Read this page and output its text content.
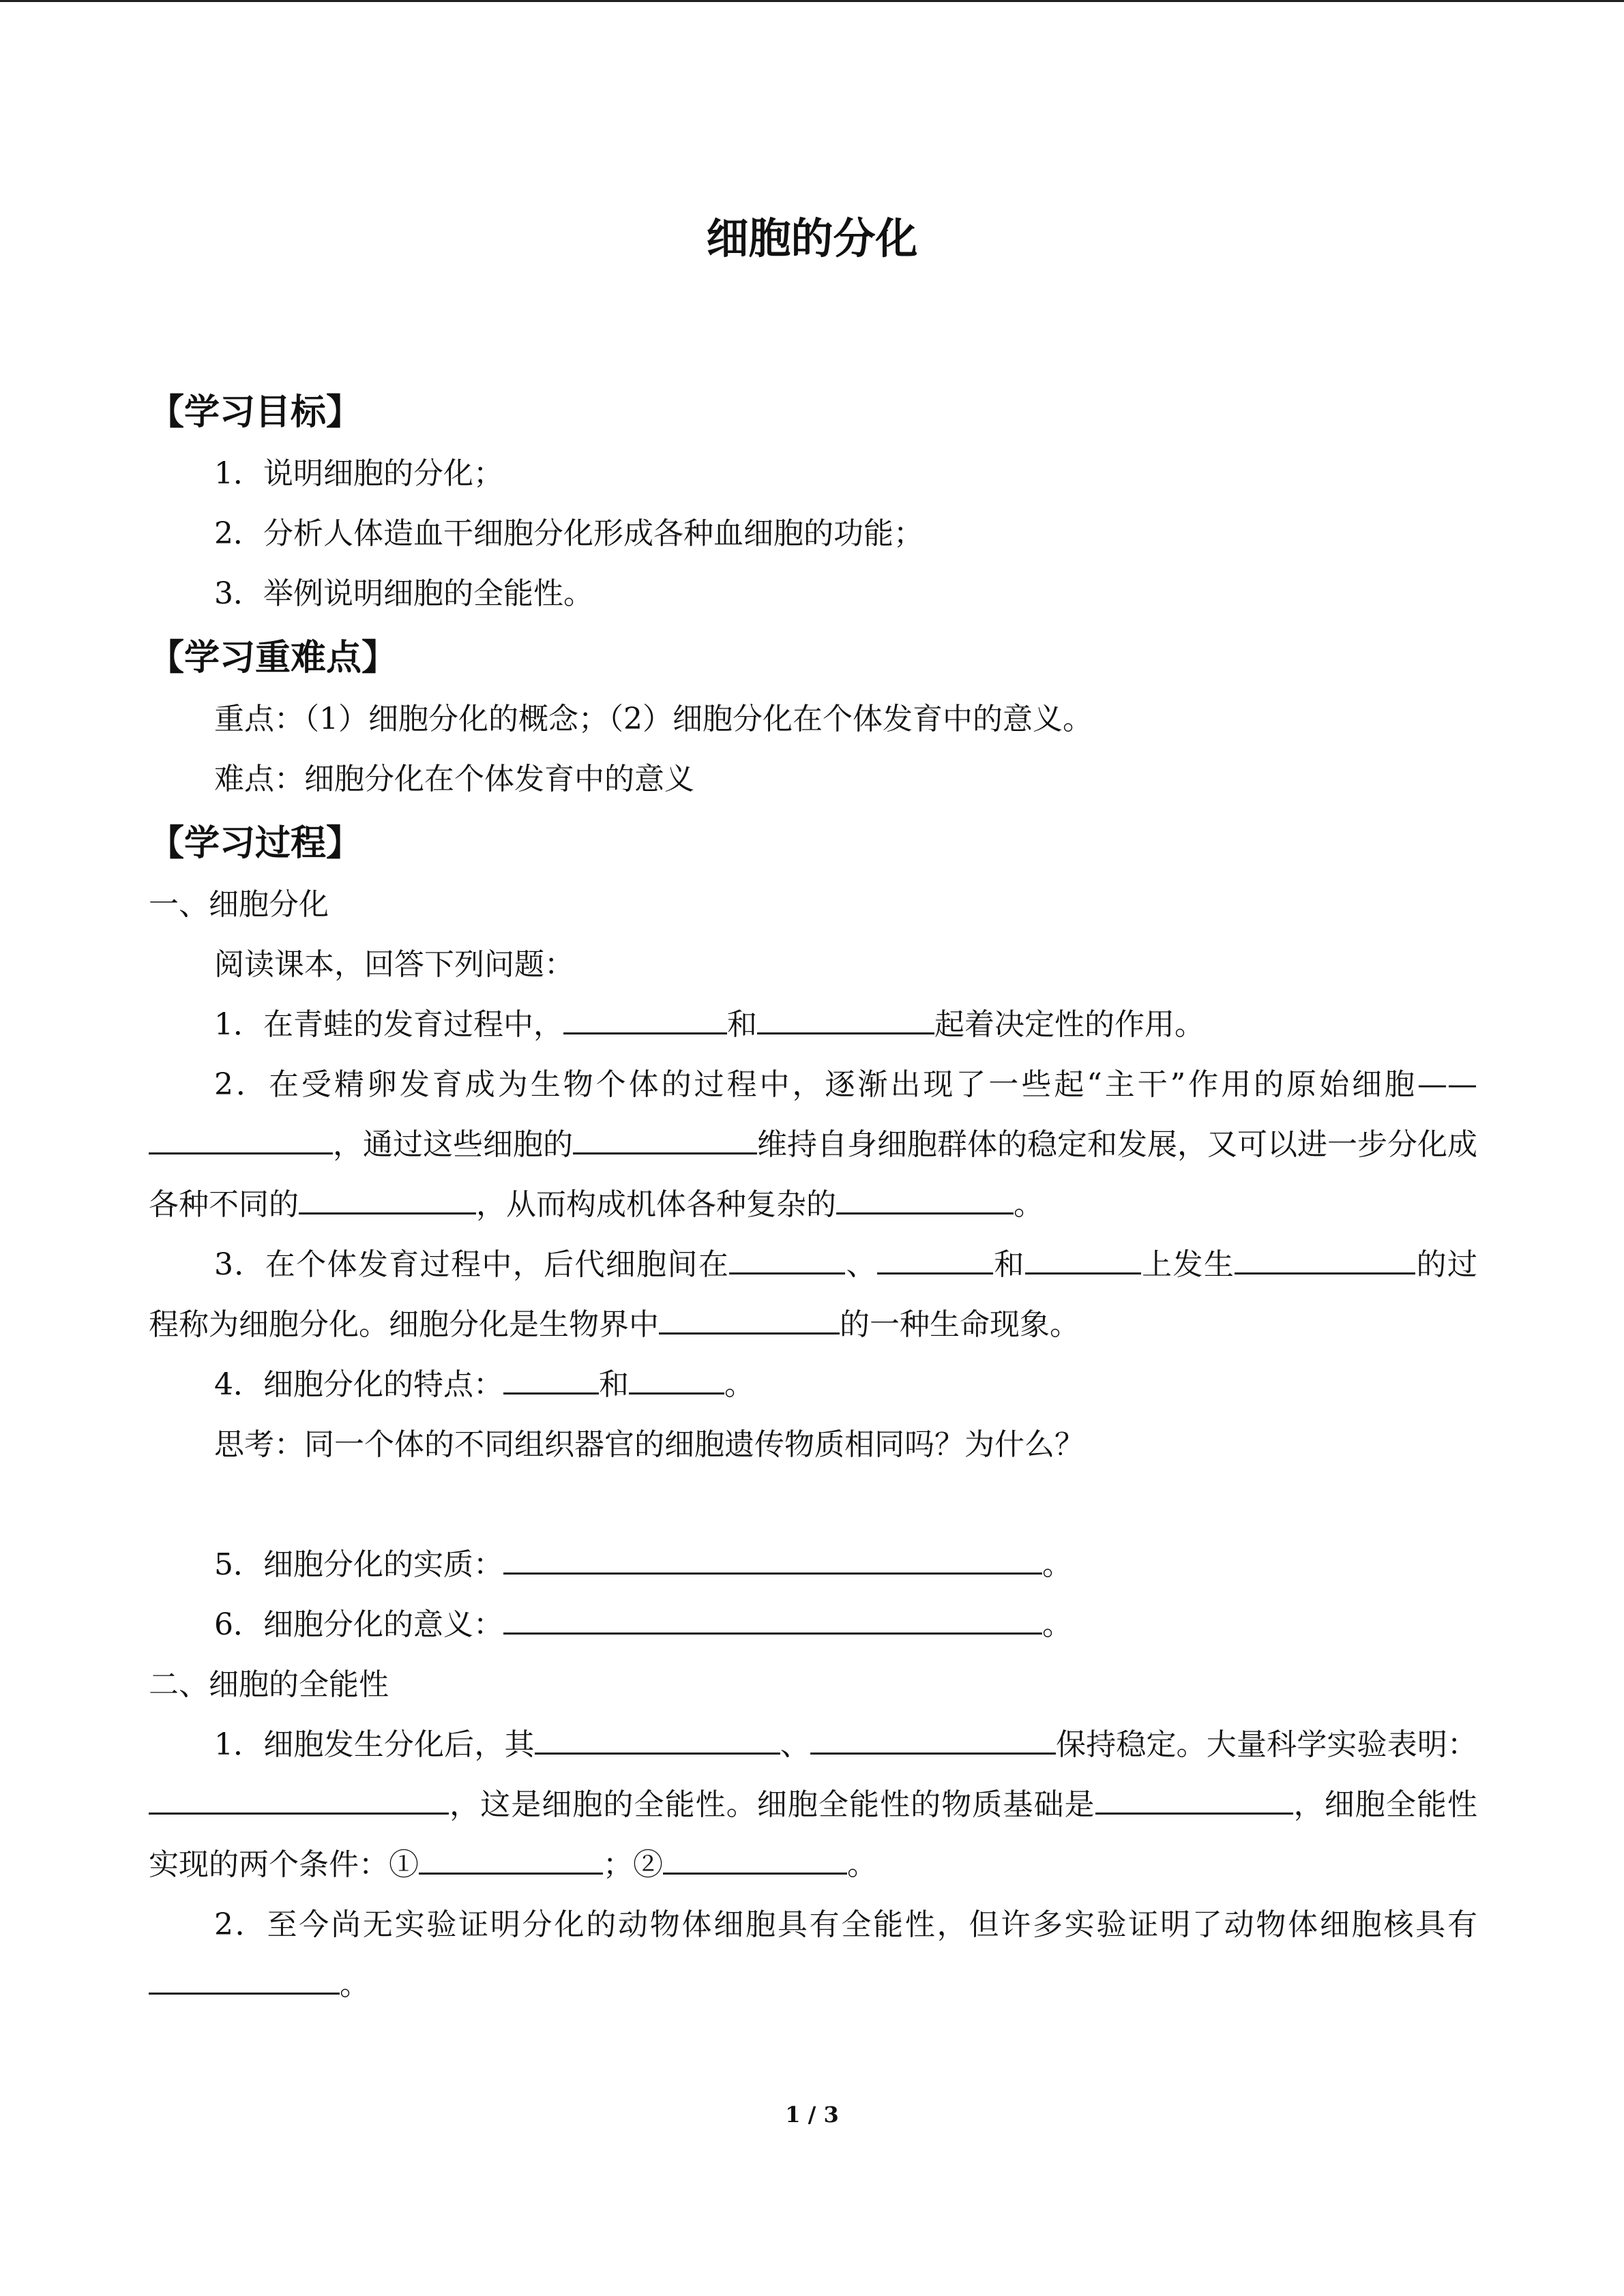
细胞的分化
【学习目标】
1．说明细胞的分化；
2．分析人体造血干细胞分化形成各种血细胞的功能；
3．举例说明细胞的全能性。
【学习重难点】
重点：（1）细胞分化的概念；（2）细胞分化在个体发育中的意义。
难点：细胞分化在个体发育中的意义
【学习过程】
一、细胞分化
阅读课本，回答下列问题：
1．在青蛙的发育过程中，	和	起着决定性的作用。
2．在受精卵发育成为生物个体的过程中，逐渐出现了一些起“主干”作用的原始细胞——，通过这些细胞的	维持自身细胞群体的稳定和发展，又可以进一步分化成各种不同的	，从而构成机体各种复杂的	。
3．在个体发育过程中，后代细胞间在	、	和	上发生	的过程称为细胞分化。细胞分化是生物界中	的一种生命现象。
4．细胞分化的特点：	和	。
思考：同一个体的不同组织器官的细胞遗传物质相同吗？为什么？
5．细胞分化的实质：	。
6．细胞分化的意义：	。
二、细胞的全能性
1．细胞发生分化后，其	、	保持稳定。大量科学实验表明：，这是细胞的全能性。细胞全能性的物质基础是	，细胞全能性实现的两个条件：①	；②	。
2．至今尚无实验证明分化的动物体细胞具有全能性，但许多实验证明了动物体细胞核具有。
1 / 3
